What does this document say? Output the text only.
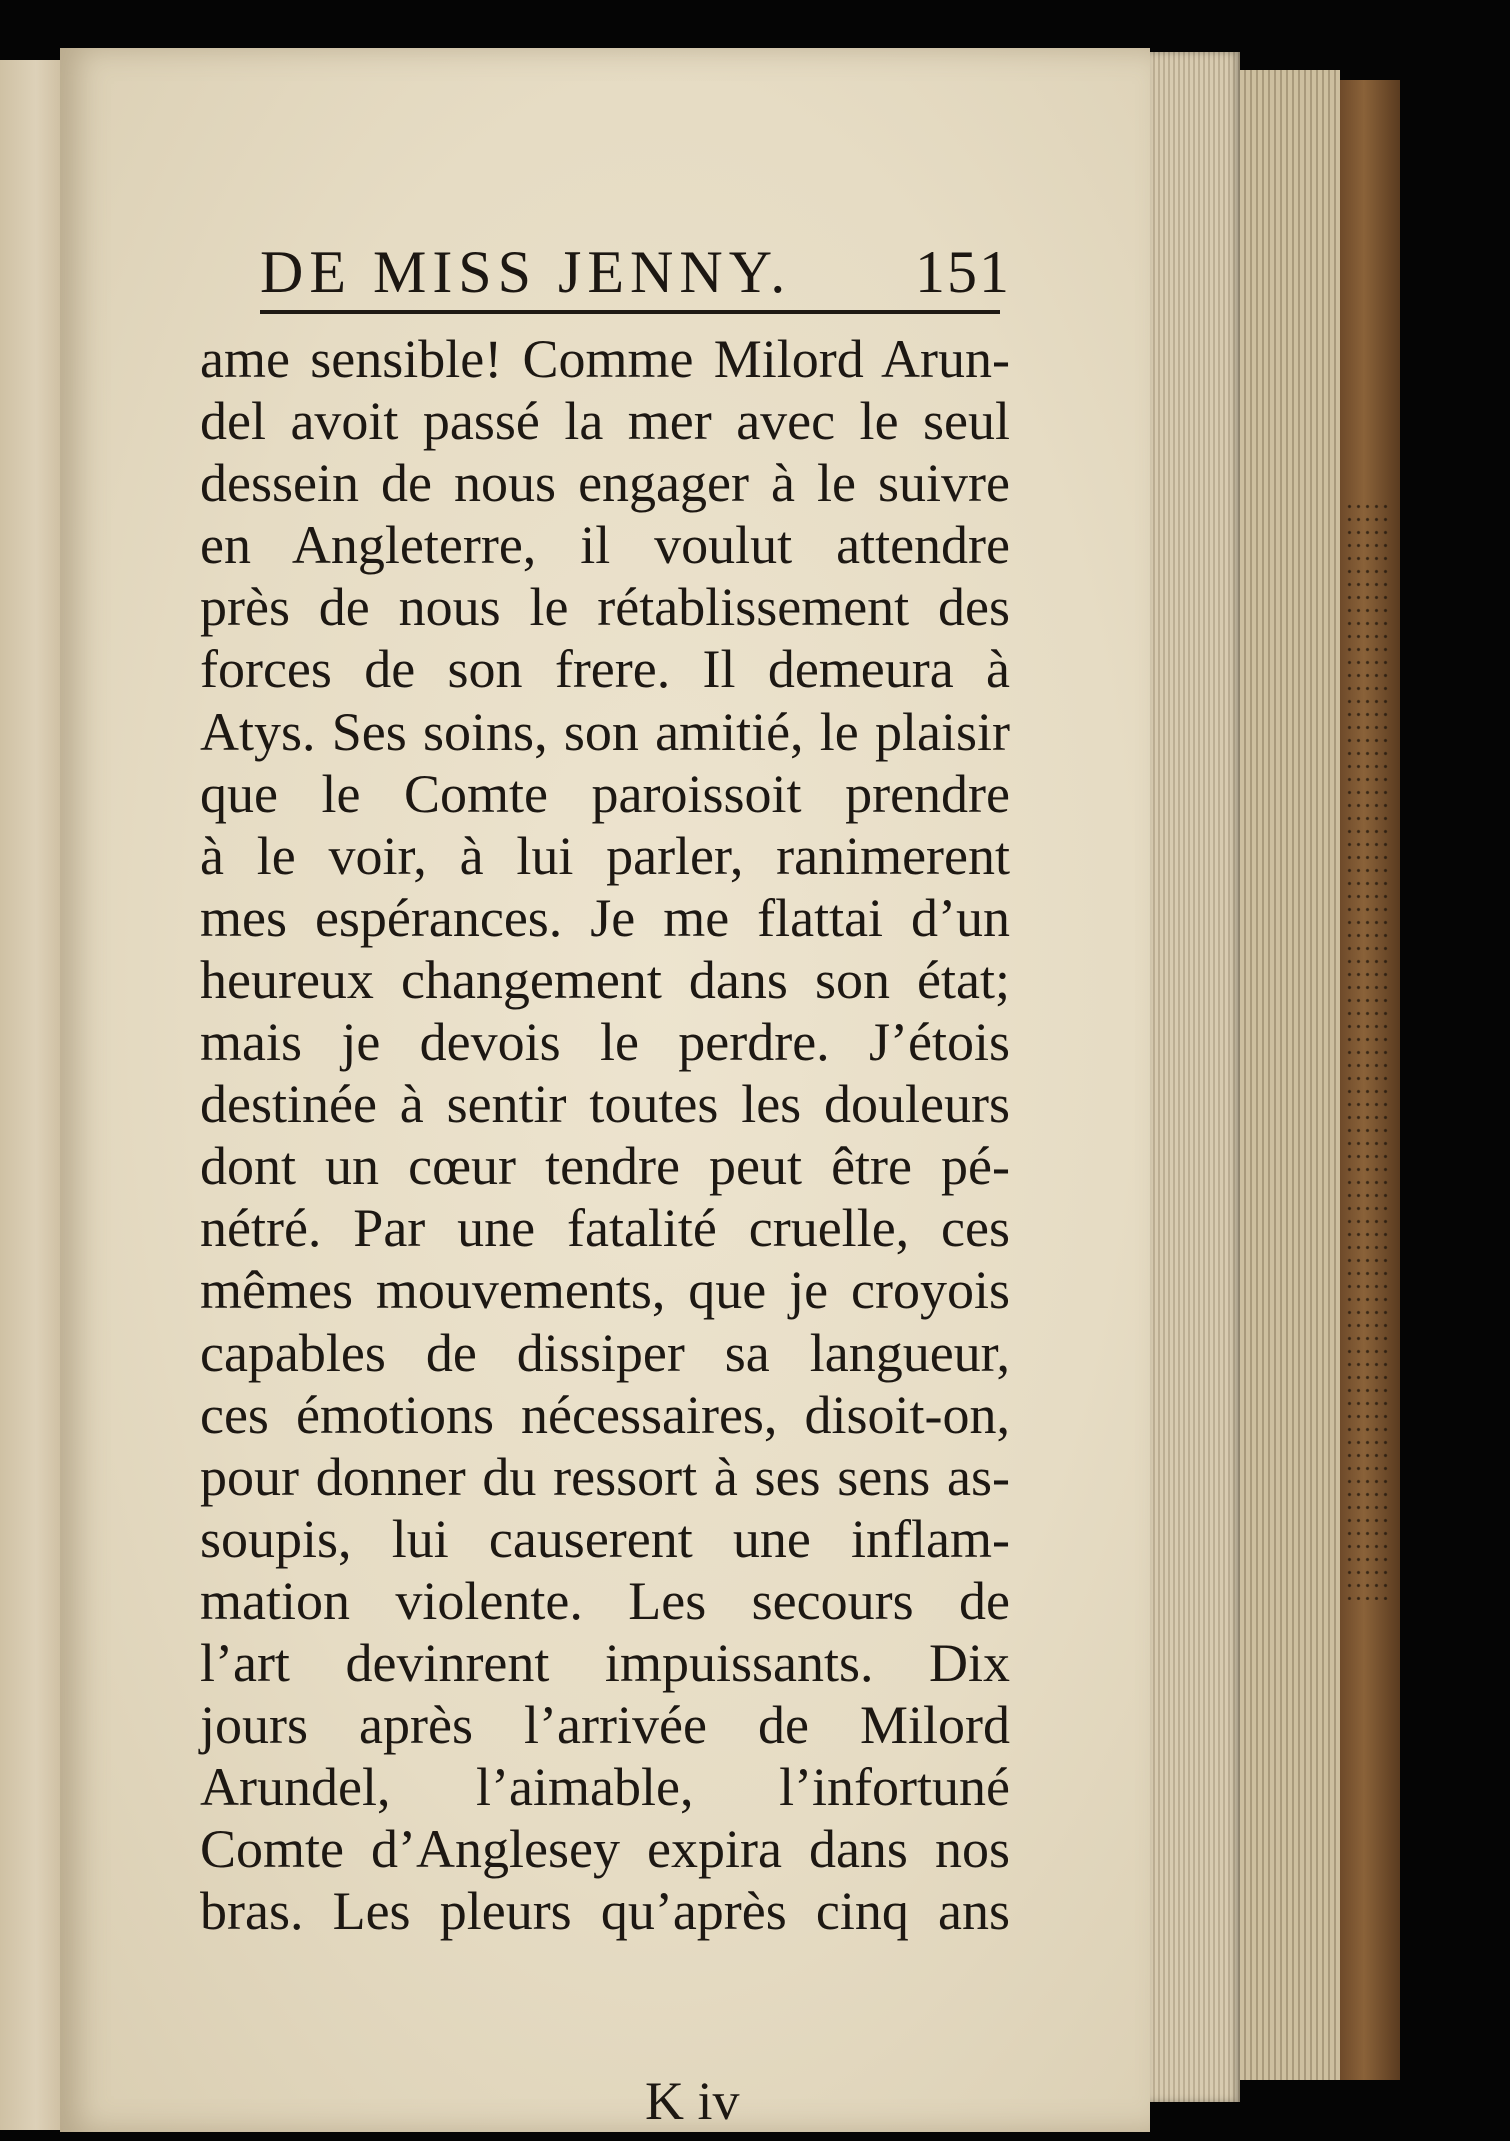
DE MISS JENNY. 151
ame sensible! Comme Milord Arun-
del avoit passé la mer avec le seul
dessein de nous engager à le suivre
en Angleterre, il voulut attendre
près de nous le rétablissement des
forces de son frere. Il demeura à
Atys. Ses soins, son amitié, le plaisir
que le Comte paroissoit prendre
à le voir, à lui parler, ranimerent
mes espérances. Je me flattai d’un
heureux changement dans son état;
mais je devois le perdre. J’étois
destinée à sentir toutes les douleurs
dont un cœur tendre peut être pé-
nétré. Par une fatalité cruelle, ces
mêmes mouvements, que je croyois
capables de dissiper sa langueur,
ces émotions nécessaires, disoit-on,
pour donner du ressort à ses sens as-
soupis, lui causerent une inflam-
mation violente. Les secours de
l’art devinrent impuissants. Dix
jours après l’arrivée de Milord
Arundel, l’aimable, l’infortuné
Comte d’Anglesey expira dans nos
bras. Les pleurs qu’après cinq ans
K iv
